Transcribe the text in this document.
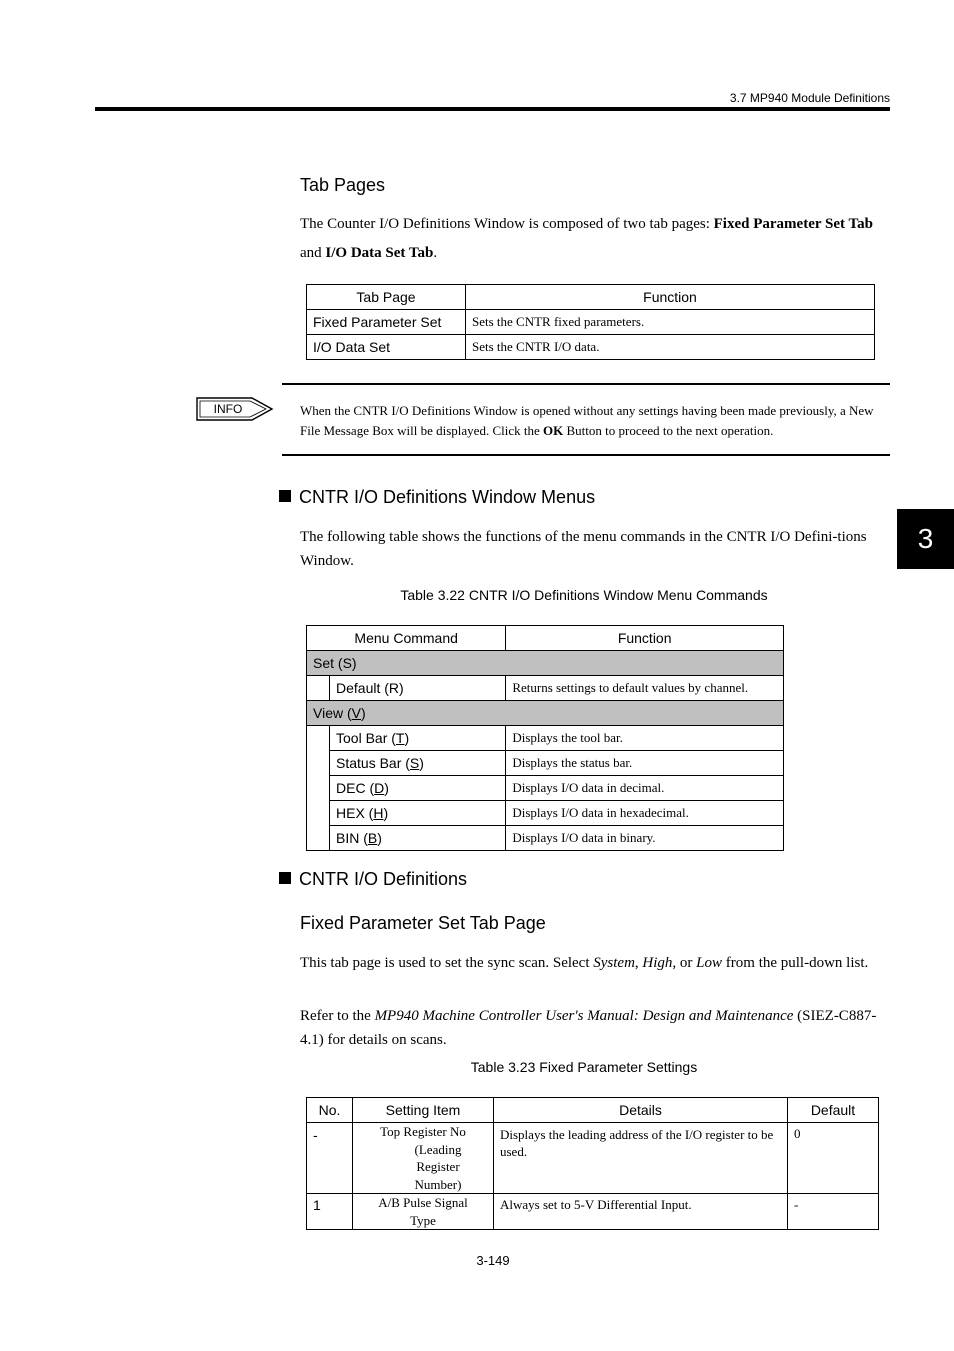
3.7 MP940 Module Definitions
Tab Pages
The Counter I/O Definitions Window is composed of two tab pages: Fixed Parameter Set Tab and I/O Data Set Tab.
Tab Page	Function
Fixed Parameter Set	Sets the CNTR fixed parameters.
I/O Data Set	Sets the CNTR I/O data.
INFO	When the CNTR I/O Definitions Window is opened without any settings having been made previously, a New File Message Box will be displayed. Click the OK Button to proceed to the next operation.
3
CNTR I/O Definitions Window Menus
The following table shows the functions of the menu commands in the CNTR I/O Defini-tions Window.
Table 3.22 CNTR I/O Definitions Window Menu Commands
Menu Command		Function
Set (S)		
	Default (R)	Returns settings to default values by channel.
View (V)		
	Tool Bar (T)	Displays the tool bar.
	Status Bar (S)	Displays the status bar.
	DEC (D)	Displays I/O data in decimal.
	HEX (H)	Displays I/O data in hexadecimal.
	BIN (B)	Displays I/O data in binary.
CNTR I/O Definitions
Fixed Parameter Set Tab Page
This tab page is used to set the sync scan. Select System, High, or Low from the pull-down list.
Refer to the MP940 Machine Controller User's Manual: Design and Maintenance (SIEZ-C887-4.1) for details on scans.
Table 3.23 Fixed Parameter Settings
No.	Setting Item	Details	Default
-	Top Register No
(Leading
Register
Number)	Displays the leading address of the I/O register to be used.	0
1	A/B Pulse Signal
Type	Always set to 5-V Differential Input.	-
3-149
